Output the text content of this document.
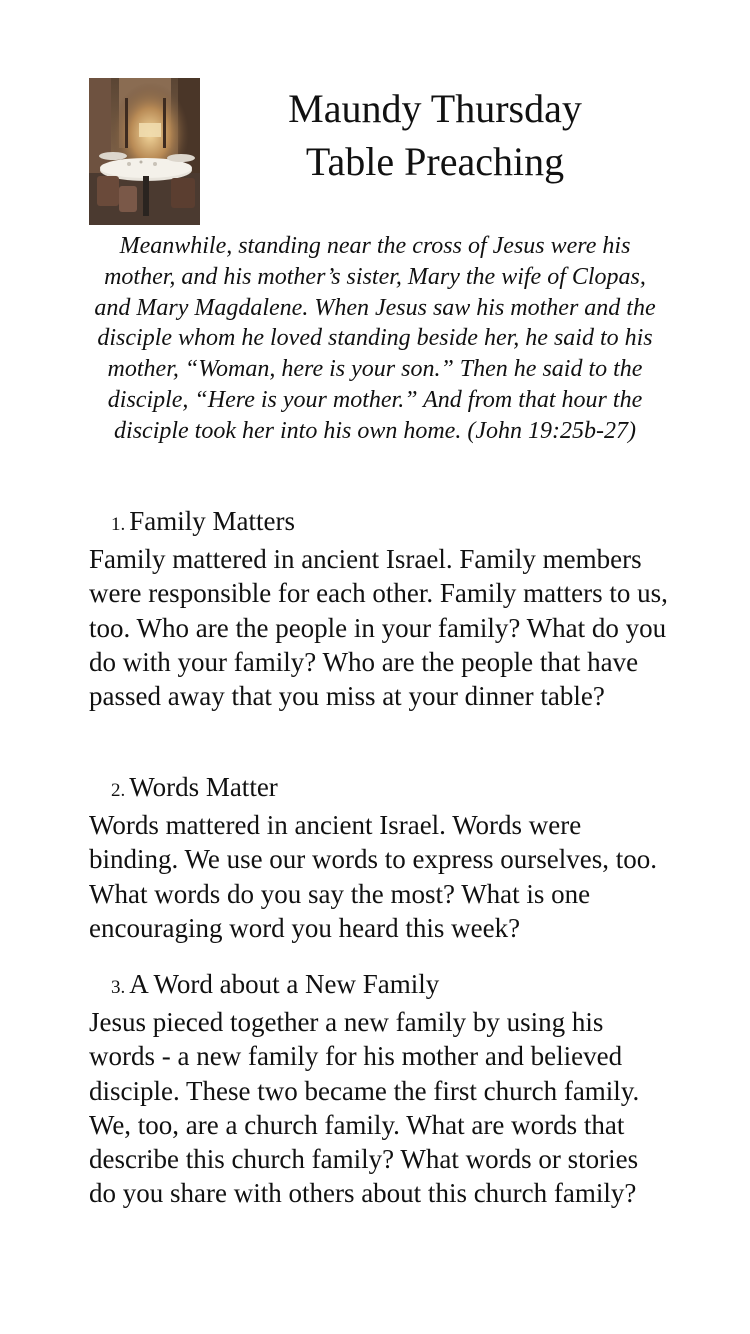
Maundy Thursday
Table Preaching

Meanwhile, standing near the cross of Jesus were his mother, and his mother’s sister, Mary the wife of Clopas, and Mary Magdalene. When Jesus saw his mother and the disciple whom he loved standing beside her, he said to his mother, “Woman, here is your son.” Then he said to the disciple, “Here is your mother.” And from that hour the disciple took her into his own home. (John 19:25b-27)

1. Family Matters

Family mattered in ancient Israel. Family members were responsible for each other. Family matters to us, too. Who are the people in your family? What do you do with your family? Who are the people that have passed away that you miss at your dinner table?

2. Words Matter

Words mattered in ancient Israel. Words were binding. We use our words to express ourselves, too. What words do you say the most? What is one encouraging word you heard this week?

3. A Word about a New Family

Jesus pieced together a new family by using his words - a new family for his mother and believed disciple. These two became the first church family. We, too, are a church family. What are words that describe this church family? What words or stories do you share with others about this church family?
